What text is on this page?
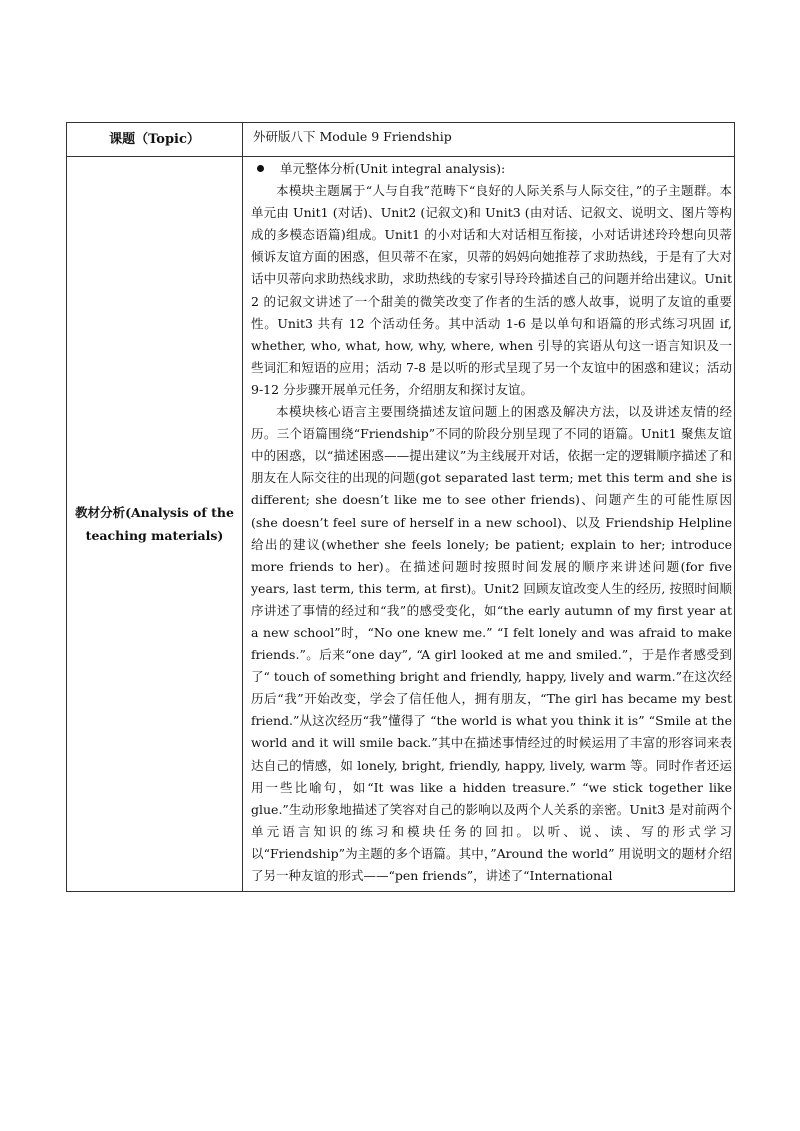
课题（Topic）	外研版八下 Module 9 Friendship
教材分析(Analysis of the teaching materials)	单元整体分析(Unit integral analysis):

本模块主题属于“人与自我”范畴下“良好的人际关系与人际交往，”的子主题群。本单元由 Unit1 (对话)、Unit2 (记叙文)和 Unit3 (由对话、记叙文、说明文、图片等构成的多模态语篇)组成。Unit1 的小对话和大对话相互衔接，小对话讲述玲玲想向贝蒂倾诉友谊方面的困惑，但贝蒂不在家，贝蒂的妈妈向她推荐了求助热线，于是有了大对话中贝蒂向求助热线求助，求助热线的专家引导玲玲描述自己的问题并给出建议。Unit 2 的记叙文讲述了一个甜美的微笑改变了作者的生活的感人故事，说明了友谊的重要性。Unit3 共有 12 个活动任务。其中活动 1-6 是以单句和语篇的形式练习巩固 if, whether, who, what, how, why, where, when 引导的宾语从句这一语言知识及一些词汇和短语的应用；活动 7-8 是以听的形式呈现了另一个友谊中的困惑和建议；活动 9-12 分步骤开展单元任务，介绍朋友和探讨友谊。

本模块核心语言主要围绕描述友谊问题上的困惑及解决方法，以及讲述友情的经历。三个语篇围绕“Friendship”不同的阶段分别呈现了不同的语篇。Unit1 聚焦友谊中的困惑，以“描述困惑——提出建议”为主线展开对话，依据一定的逻辑顺序描述了和朋友在人际交往的出现的问题(got separated last term; met this term and she is different; she doesn’t like me to see other friends)、问题产生的可能性原因(she doesn’t feel sure of herself in a new school)、以及 Friendship Helpline 给出的建议(whether she feels lonely; be patient; explain to her; introduce more friends to her)。在描述问题时按照时间发展的顺序来讲述问题(for five years, last term, this term, at first)。Unit2 回顾友谊改变人生的经历, 按照时间顺序讲述了事情的经过和“我”的感受变化，如“the early autumn of my first year at a new school”时，“No one knew me.” “I felt lonely and was afraid to make friends.”。后来“one day”, “A girl looked at me and smiled.”，于是作者感受到了“ touch of something bright and friendly, happy, lively and warm.”在这次经历后“我”开始改变，学会了信任他人，拥有朋友，“The girl has became my best friend.”从这次经历“我”懂得了 “the world is what you think it is” “Smile at the world and it will smile back.”其中在描述事情经过的时候运用了丰富的形容词来表达自己的情感，如 lonely, bright, friendly, happy, lively, warm 等。同时作者还运用一些比喻句，如“It was like a hidden treasure.” “we stick together like glue.”生动形象地描述了笑容对自己的影响以及两个人关系的亲密。Unit3 是对前两个单元语言知识的练习和模块任务的回扣。以听、说、读、写的形式学习以“Friendship”为主题的多个语篇。其中，”Around the world” 用说明文的题材介绍了另一种友谊的形式——“pen friends”，讲述了“International
